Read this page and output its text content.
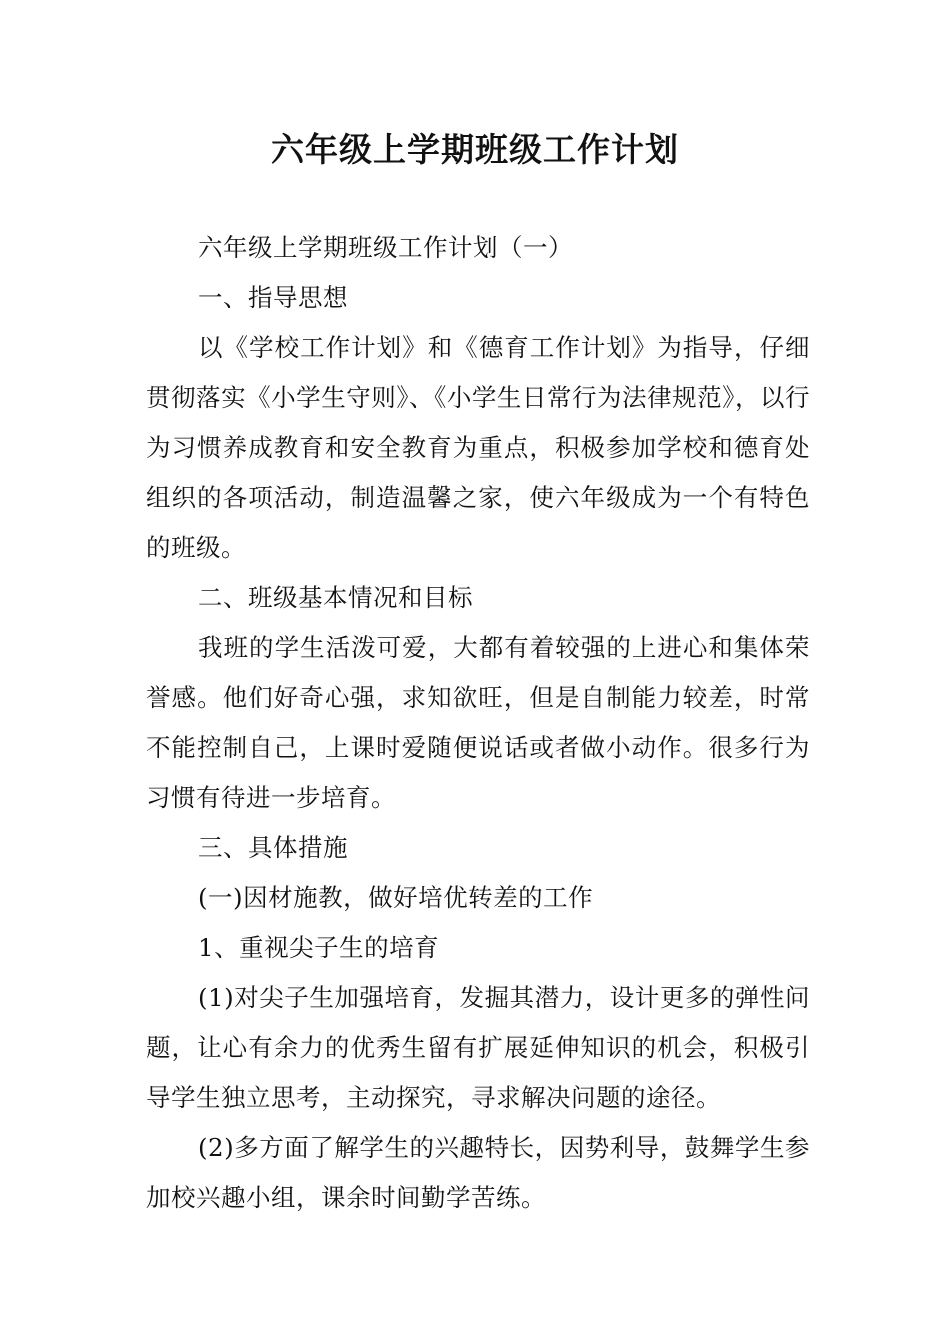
六年级上学期班级工作计划

六年级上学期班级工作计划（一）

一、指导思想

以《学校工作计划》和《德育工作计划》为指导，仔细贯彻落实《小学生守则》、《小学生日常行为法律规范》，以行为习惯养成教育和安全教育为重点，积极参加学校和德育处组织的各项活动，制造温馨之家，使六年级成为一个有特色的班级。

二、班级基本情况和目标

我班的学生活泼可爱，大都有着较强的上进心和集体荣誉感。他们好奇心强，求知欲旺，但是自制能力较差，时常不能控制自己，上课时爱随便说话或者做小动作。很多行为习惯有待进一步培育。

三、具体措施

(一)因材施教，做好培优转差的工作

1、重视尖子生的培育

(1)对尖子生加强培育，发掘其潜力，设计更多的弹性问题，让心有余力的优秀生留有扩展延伸知识的机会，积极引导学生独立思考，主动探究，寻求解决问题的途径。

(2)多方面了解学生的兴趣特长，因势利导，鼓舞学生参加校兴趣小组，课余时间勤学苦练。
